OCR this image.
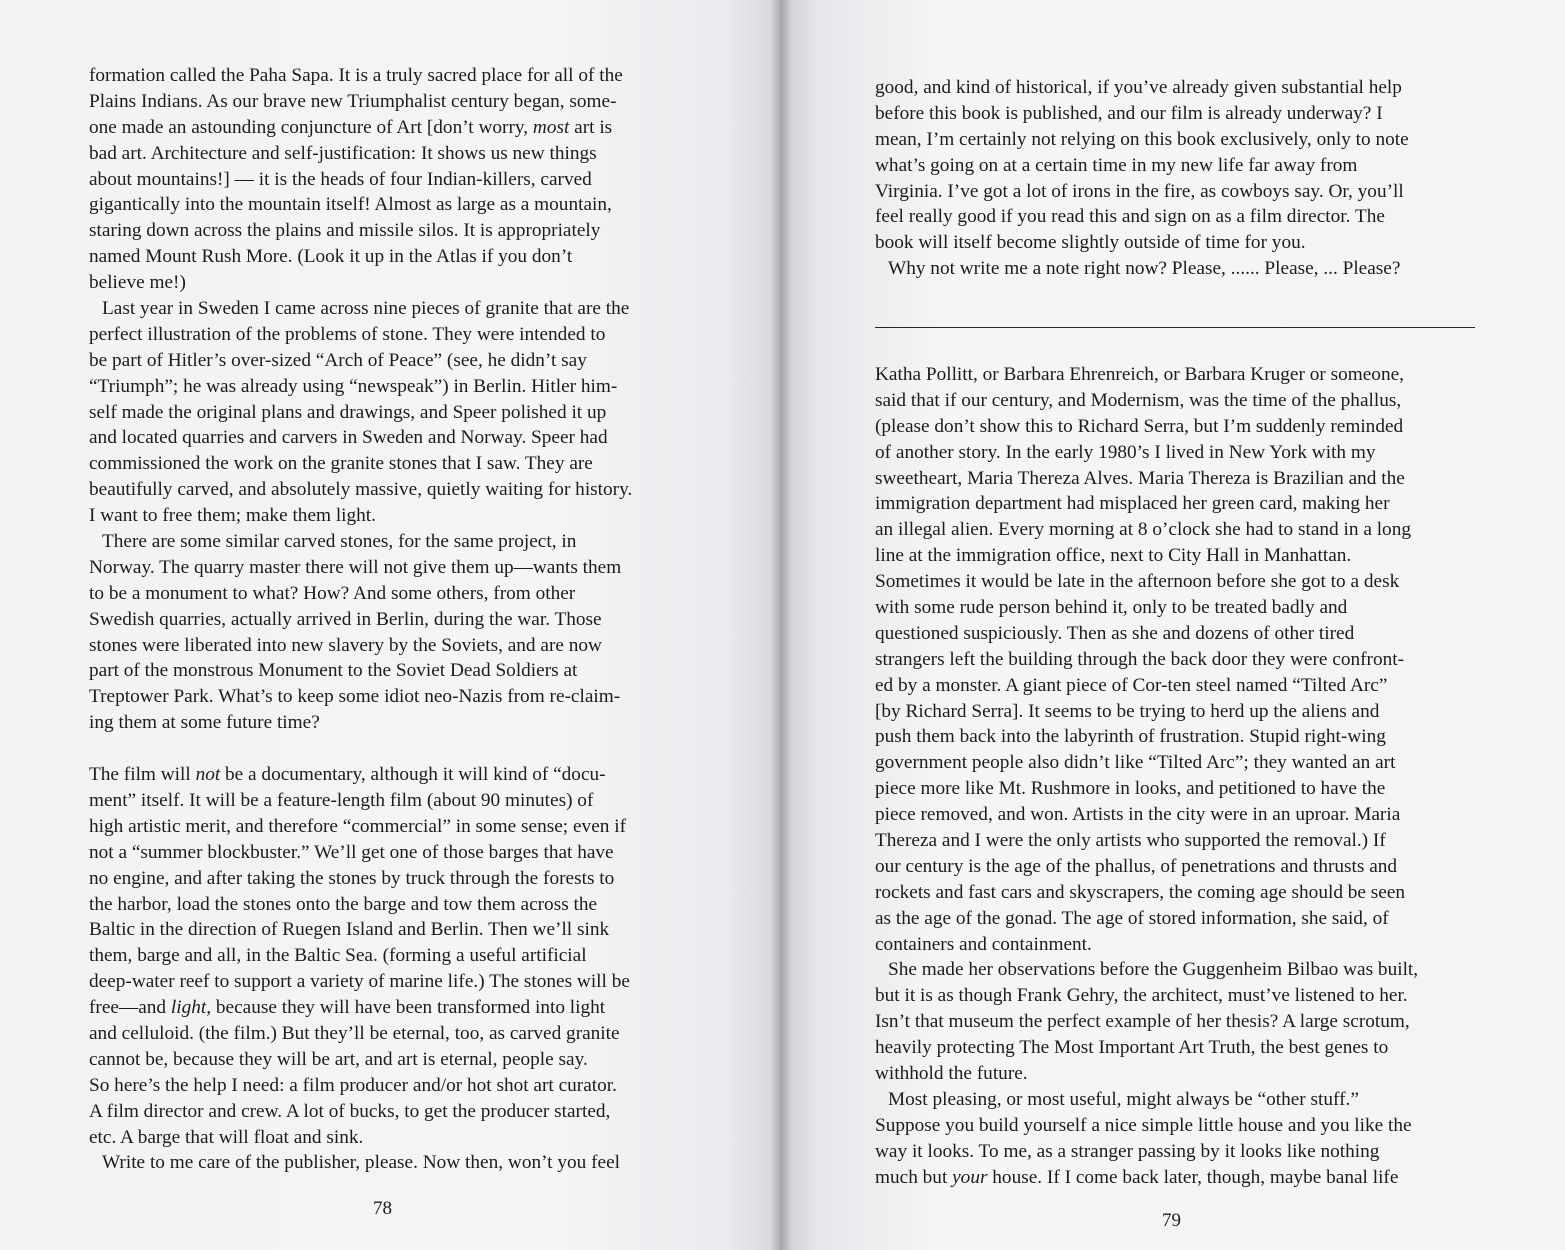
formation called the Paha Sapa. It is a truly sacred place for all of the
Plains Indians. As our brave new Triumphalist century began, some-
one made an astounding conjuncture of Art [don’t worry, most art is
bad art. Architecture and self-justification: It shows us new things
about mountains!] — it is the heads of four Indian-killers, carved
gigantically into the mountain itself! Almost as large as a mountain,
staring down across the plains and missile silos. It is appropriately
named Mount Rush More. (Look it up in the Atlas if you don’t
believe me!)
Last year in Sweden I came across nine pieces of granite that are the
perfect illustration of the problems of stone. They were intended to
be part of Hitler’s over-sized “Arch of Peace” (see, he didn’t say
“Triumph”; he was already using “newspeak”) in Berlin. Hitler him-
self made the original plans and drawings, and Speer polished it up
and located quarries and carvers in Sweden and Norway. Speer had
commissioned the work on the granite stones that I saw. They are
beautifully carved, and absolutely massive, quietly waiting for history.
I want to free them; make them light.
There are some similar carved stones, for the same project, in
Norway. The quarry master there will not give them up—wants them
to be a monument to what? How? And some others, from other
Swedish quarries, actually arrived in Berlin, during the war. Those
stones were liberated into new slavery by the Soviets, and are now
part of the monstrous Monument to the Soviet Dead Soldiers at
Treptower Park. What’s to keep some idiot neo-Nazis from re-claim-
ing them at some future time?
The film will not be a documentary, although it will kind of “docu-
ment” itself. It will be a feature-length film (about 90 minutes) of
high artistic merit, and therefore “commercial” in some sense; even if
not a “summer blockbuster.” We’ll get one of those barges that have
no engine, and after taking the stones by truck through the forests to
the harbor, load the stones onto the barge and tow them across the
Baltic in the direction of Ruegen Island and Berlin. Then we’ll sink
them, barge and all, in the Baltic Sea. (forming a useful artificial
deep-water reef to support a variety of marine life.) The stones will be
free—and light, because they will have been transformed into light
and celluloid. (the film.) But they’ll be eternal, too, as carved granite
cannot be, because they will be art, and art is eternal, people say.
So here’s the help I need: a film producer and/or hot shot art curator.
A film director and crew. A lot of bucks, to get the producer started,
etc. A barge that will float and sink.
Write to me care of the publisher, please. Now then, won’t you feel
good, and kind of historical, if you’ve already given substantial help
before this book is published, and our film is already underway? I
mean, I’m certainly not relying on this book exclusively, only to note
what’s going on at a certain time in my new life far away from
Virginia. I’ve got a lot of irons in the fire, as cowboys say. Or, you’ll
feel really good if you read this and sign on as a film director. The
book will itself become slightly outside of time for you.
Why not write me a note right now? Please, ...... Please, ... Please?
Katha Pollitt, or Barbara Ehrenreich, or Barbara Kruger or someone,
said that if our century, and Modernism, was the time of the phallus,
(please don’t show this to Richard Serra, but I’m suddenly reminded
of another story. In the early 1980’s I lived in New York with my
sweetheart, Maria Thereza Alves. Maria Thereza is Brazilian and the
immigration department had misplaced her green card, making her
an illegal alien. Every morning at 8 o’clock she had to stand in a long
line at the immigration office, next to City Hall in Manhattan.
Sometimes it would be late in the afternoon before she got to a desk
with some rude person behind it, only to be treated badly and
questioned suspiciously. Then as she and dozens of other tired
strangers left the building through the back door they were confront-
ed by a monster. A giant piece of Cor-ten steel named “Tilted Arc”
[by Richard Serra]. It seems to be trying to herd up the aliens and
push them back into the labyrinth of frustration. Stupid right-wing
government people also didn’t like “Tilted Arc”; they wanted an art
piece more like Mt. Rushmore in looks, and petitioned to have the
piece removed, and won. Artists in the city were in an uproar. Maria
Thereza and I were the only artists who supported the removal.) If
our century is the age of the phallus, of penetrations and thrusts and
rockets and fast cars and skyscrapers, the coming age should be seen
as the age of the gonad. The age of stored information, she said, of
containers and containment.
She made her observations before the Guggenheim Bilbao was built,
but it is as though Frank Gehry, the architect, must’ve listened to her.
Isn’t that museum the perfect example of her thesis? A large scrotum,
heavily protecting The Most Important Art Truth, the best genes to
withhold the future.
Most pleasing, or most useful, might always be “other stuff.”
Suppose you build yourself a nice simple little house and you like the
way it looks. To me, as a stranger passing by it looks like nothing
much but your house. If I come back later, though, maybe banal life
78
79
